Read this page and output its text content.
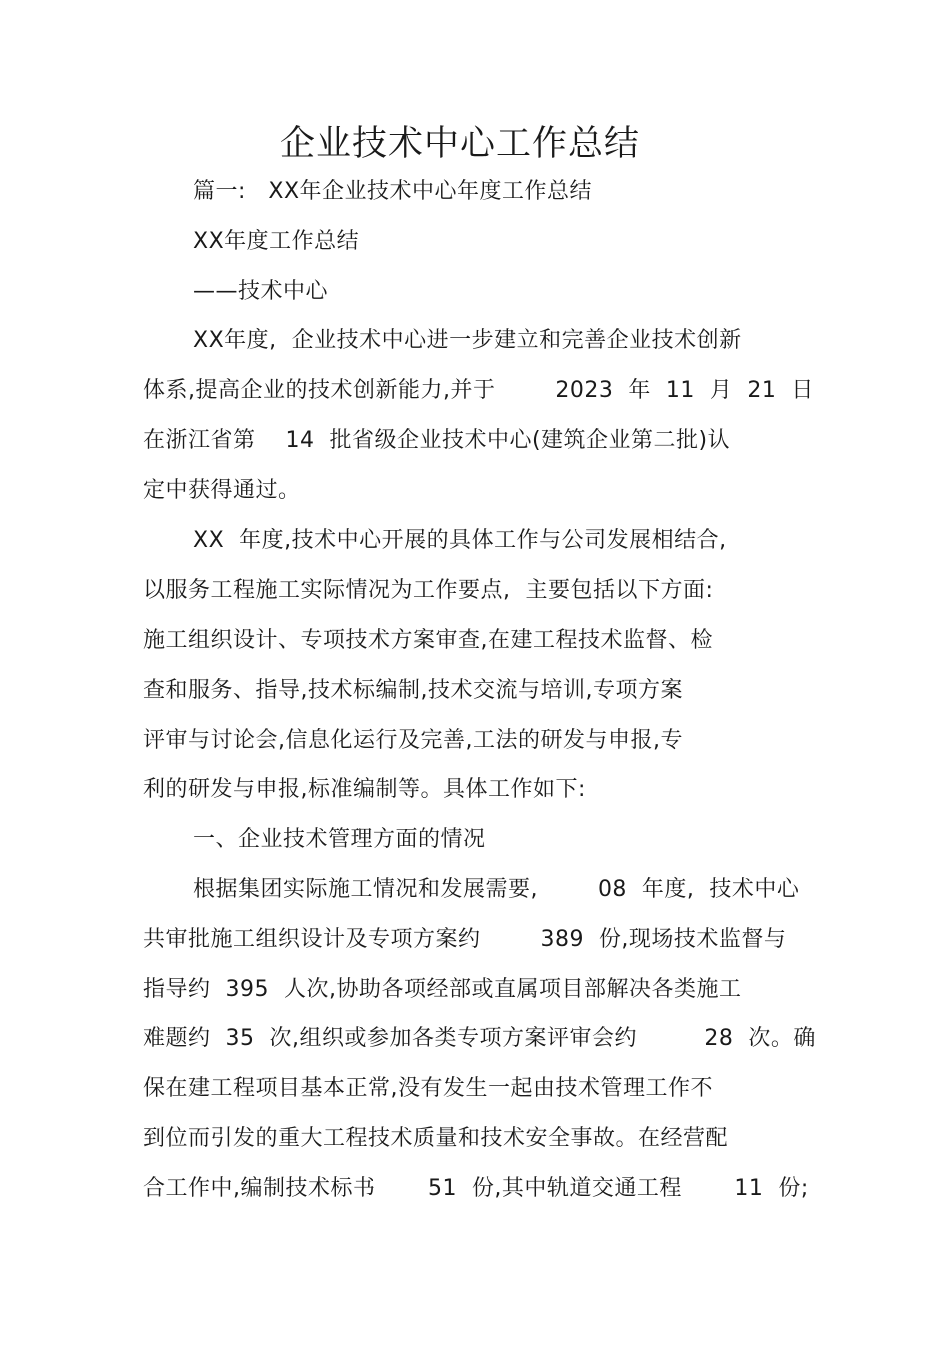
企业技术中心工作总结
篇一:   XX年企业技术中心年度工作总结
XX年度工作总结
——技术中心
XX年度,  企业技术中心进一步建立和完善企业技术创新
体系,提高企业的技术创新能力,并于        2023  年  11  月  21  日
在浙江省第    14  批省级企业技术中心(建筑企业第二批)认
定中获得通过。
XX  年度,技术中心开展的具体工作与公司发展相结合,
以服务工程施工实际情况为工作要点,  主要包括以下方面:
施工组织设计、专项技术方案审查,在建工程技术监督、检
查和服务、指导,技术标编制,技术交流与培训,专项方案
评审与讨论会,信息化运行及完善,工法的研发与申报,专
利的研发与申报,标准编制等。具体工作如下:
一、企业技术管理方面的情况
根据集团实际施工情况和发展需要,        08  年度,  技术中心
共审批施工组织设计及专项方案约        389  份,现场技术监督与
指导约  395  人次,协助各项经部或直属项目部解决各类施工
难题约  35  次,组织或参加各类专项方案评审会约         28  次。确
保在建工程项目基本正常,没有发生一起由技术管理工作不
到位而引发的重大工程技术质量和技术安全事故。在经营配
合工作中,编制技术标书       51  份,其中轨道交通工程       11  份;
